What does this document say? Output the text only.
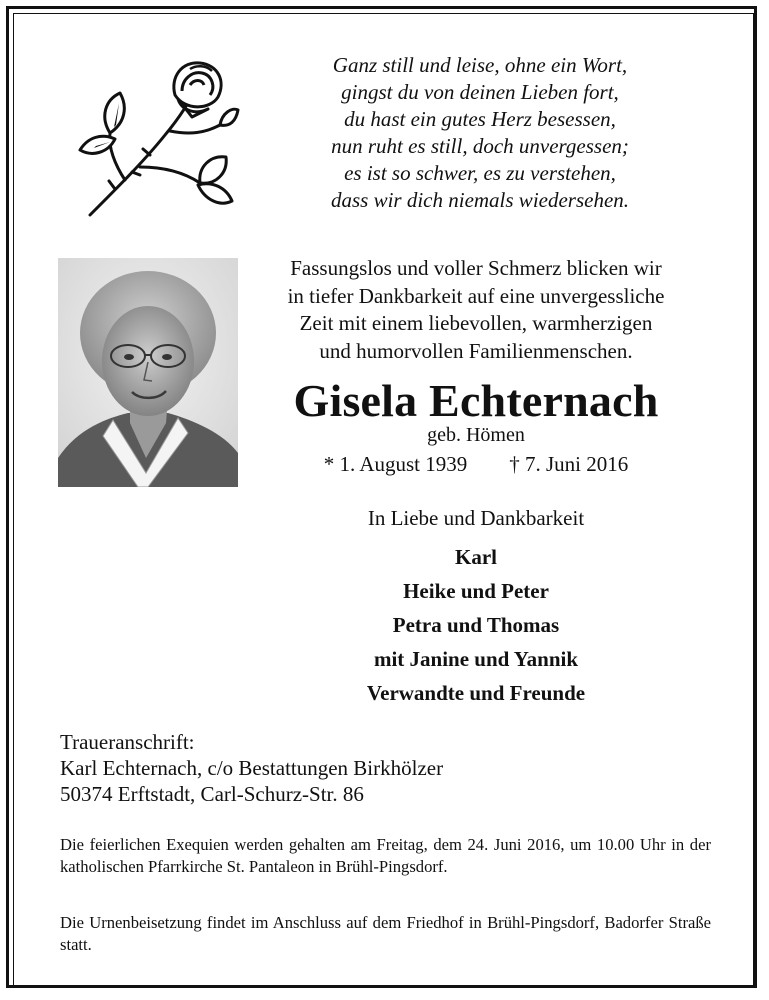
Ganz still und leise, ohne ein Wort,
gingst du von deinen Lieben fort,
du hast ein gutes Herz besessen,
nun ruht es still, doch unvergessen;
es ist so schwer, es zu verstehen,
dass wir dich niemals wiedersehen.
Fassungslos und voller Schmerz blicken wir
in tiefer Dankbarkeit auf eine unvergessliche
Zeit mit einem liebevollen, warmherzigen
und humorvollen Familienmenschen.
Gisela Echternach
geb. Hömen
* 1. August 1939 † 7. Juni 2016
In Liebe und Dankbarkeit
Karl
Heike und Peter
Petra und Thomas
mit Janine und Yannik
Verwandte und Freunde
Traueranschrift:
Karl Echternach, c/o Bestattungen Birkhölzer
50374 Erftstadt, Carl-Schurz-Str. 86
Die feierlichen Exequien werden gehalten am Freitag, dem 24. Juni 2016, um 10.00 Uhr in der katholischen Pfarrkirche St. Pantaleon in Brühl-Pingsdorf.
Die Urnenbeisetzung findet im Anschluss auf dem Friedhof in Brühl-Pingsdorf, Badorfer Straße statt.
